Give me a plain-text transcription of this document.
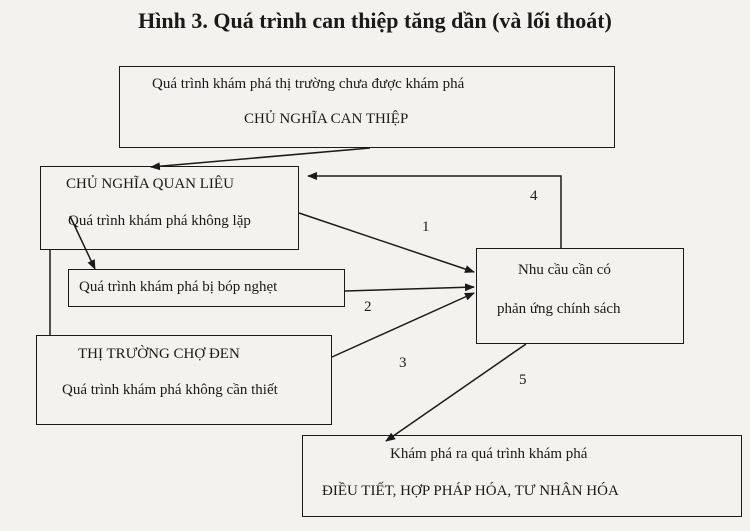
Hình 3. Quá trình can thiệp tăng dần (và lối thoát)
Quá trình khám phá thị trường chưa được khám phá
CHỦ NGHĨA CAN THIỆP
CHỦ NGHĨA QUAN LIÊU
Quá trình khám phá không lặp
Quá trình khám phá bị bóp nghẹt
THỊ TRƯỜNG CHỢ ĐEN
Quá trình khám phá không cần thiết
Nhu cầu cần có
phản ứng chính sách
Khám phá ra quá trình khám phá
ĐIỀU TIẾT, HỢP PHÁP HÓA, TƯ NHÂN HÓA
1
2
3
4
5
